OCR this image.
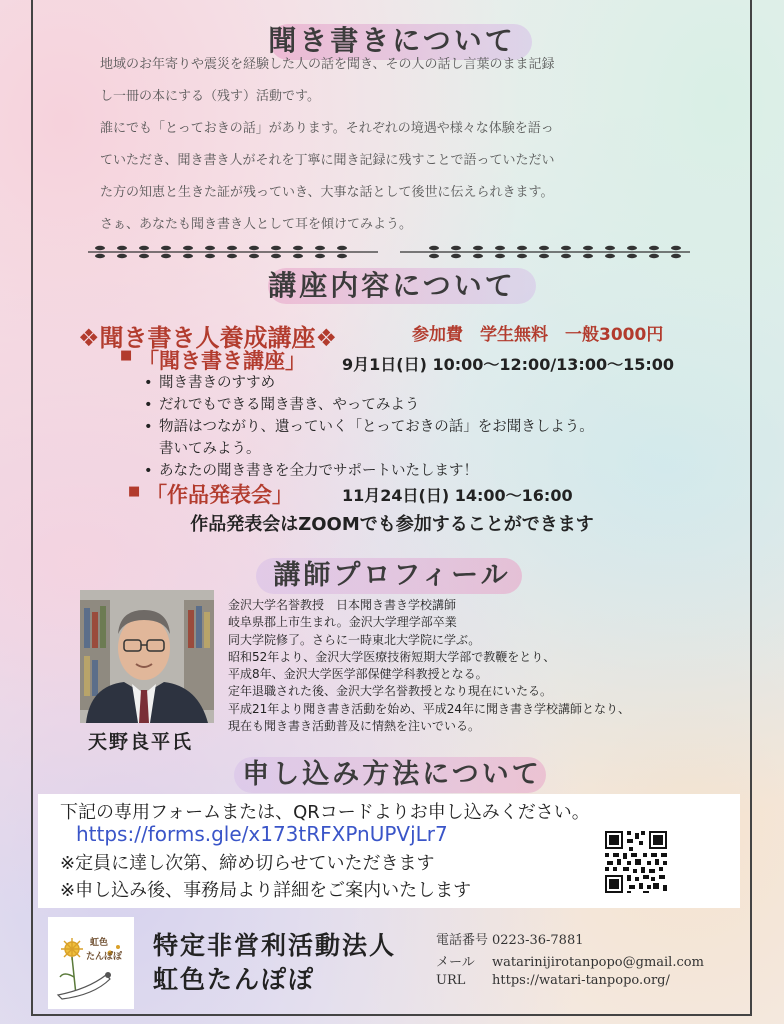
聞き書きについて

地域のお年寄りや震災を経験した人の話を聞き、その人の話し言葉のまま記録
し一冊の本にする（残す）活動です。

誰にでも「とっておきの話」があります。それぞれの境遇や様々な体験を語っ
ていただき、聞き書き人がそれを丁寧に聞き記録に残すことで語っていただい
た方の知恵と生きた証が残っていき、大事な話として後世に伝えられきます。

さぁ、あなたも聞き書き人として耳を傾けてみよう。

講座内容について

❖聞き書き人養成講座❖	参加費　学生無料　一般3000円

■ 「聞き書き講座」 9月1日(日) 10:00〜12:00/13:00〜15:00

• 聞き書きのすすめ
• だれでもできる聞き書き、やってみよう
• 物語はつながり、遺っていく「とっておきの話」をお聞きしよう。
書いてみよう。
• あなたの聞き書きを全力でサポートいたします！
■ 「作品発表会」	11月24日(日) 14:00〜16:00

作品発表会はZOOMでも参加することができます

講師プロフィール

天野良平氏

金沢大学名誉教授　日本聞き書き学校講師

岐阜県郡上市生まれ。金沢大学理学部卒業

同大学院修了。さらに一時東北大学院に学ぶ。

昭和52年より、金沢大学医療技術短期大学部で教鞭をとり、

平成8年、金沢大学医学部保健学科教授となる。

定年退職された後、金沢大学名誉教授となり現在にいたる。

平成21年より聞き書き活動を始め、平成24年に聞き書き学校講師となり、

現在も聞き書き活動普及に情熱を注いでいる。

申し込み方法について

下記の専用フォームまたは、QRコードよりお申し込みください。

https://forms.gle/x173tRFXPnUPVjLr7

※定員に達し次第、締め切らせていただきます

※申し込み後、事務局より詳細をご案内いたします

虹色
たんぽぽ 特定非営利活動法人

虹色たんぽぽ

電話番号 0223-36-7881

メール watarinijirotanpopo@gmail.com

URL https://watari-tanpopo.org/
